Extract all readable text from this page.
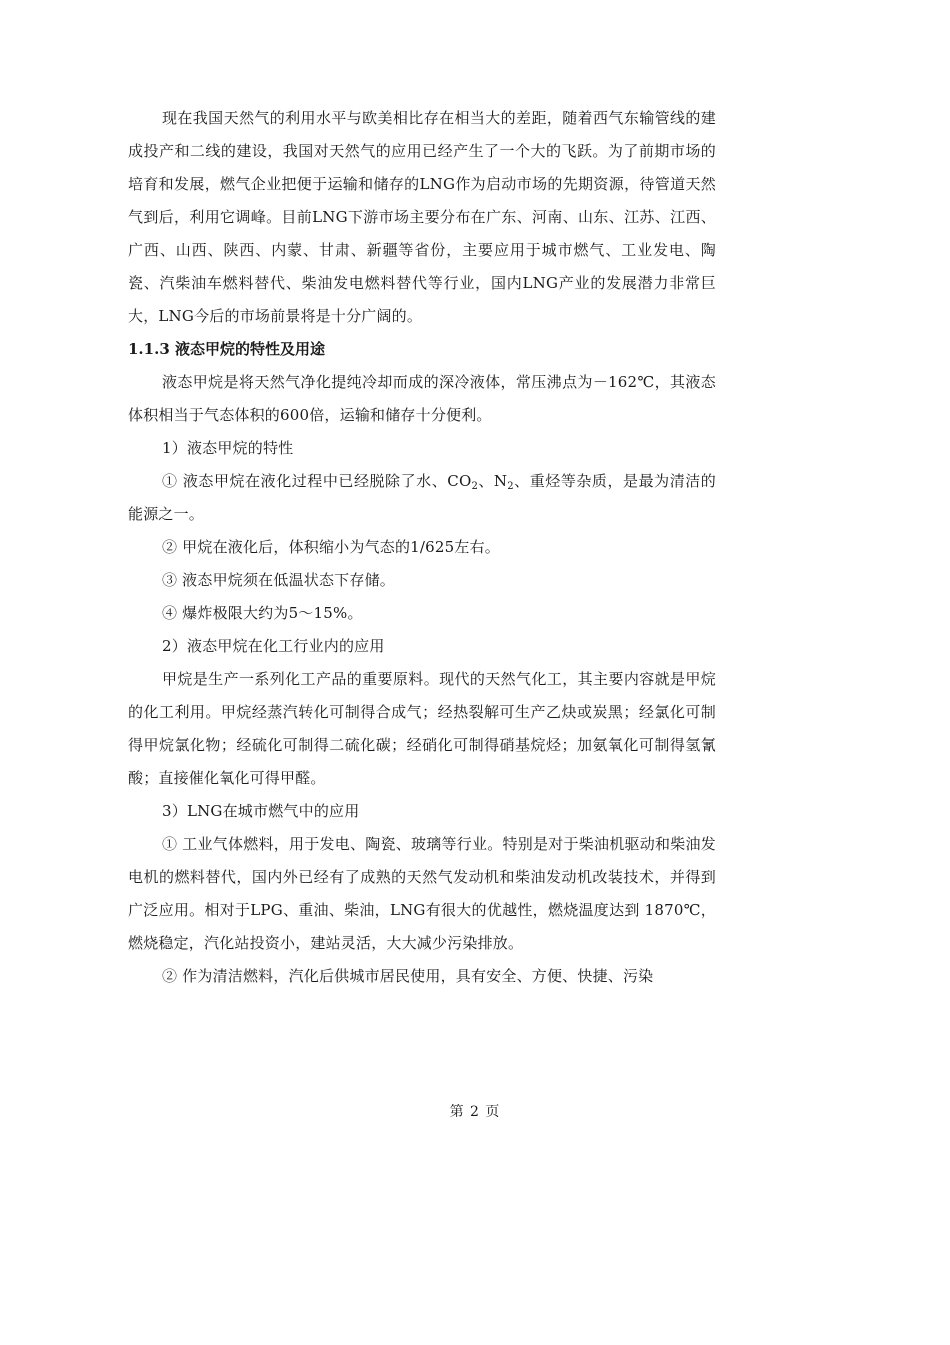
现在我国天然气的利用水平与欧美相比存在相当大的差距，随着西气东输管线的建成投产和二线的建设，我国对天然气的应用已经产生了一个大的飞跃。为了前期市场的培育和发展，燃气企业把便于运输和储存的LNG作为启动市场的先期资源，待管道天然气到后，利用它调峰。目前LNG下游市场主要分布在广东、河南、山东、江苏、江西、广西、山西、陕西、内蒙、甘肃、新疆等省份，主要应用于城市燃气、工业发电、陶瓷、汽柴油车燃料替代、柴油发电燃料替代等行业，国内LNG产业的发展潜力非常巨大，LNG今后的市场前景将是十分广阔的。

1.1.3 液态甲烷的特性及用途

液态甲烷是将天然气净化提纯冷却而成的深冷液体，常压沸点为－162℃，其液态体积相当于气态体积的600倍，运输和储存十分便利。

1）液态甲烷的特性

① 液态甲烷在液化过程中已经脱除了水、$CO_2$、$N_2$、重烃等杂质，是最为清洁的能源之一。

② 甲烷在液化后，体积缩小为气态的1/625左右。

③ 液态甲烷须在低温状态下存储。

④ 爆炸极限大约为5～15%。

2）液态甲烷在化工行业内的应用

甲烷是生产一系列化工产品的重要原料。现代的天然气化工，其主要内容就是甲烷的化工利用。甲烷经蒸汽转化可制得合成气；经热裂解可生产乙炔或炭黑；经氯化可制得甲烷氯化物；经硫化可制得二硫化碳；经硝化可制得硝基烷烃；加氨氧化可制得氢氰酸；直接催化氧化可得甲醛。

3）LNG在城市燃气中的应用

① 工业气体燃料，用于发电、陶瓷、玻璃等行业。特别是对于柴油机驱动和柴油发电机的燃料替代，国内外已经有了成熟的天然气发动机和柴油发动机改装技术，并得到广泛应用。相对于LPG、重油、柴油，LNG有很大的优越性，燃烧温度达到 1870℃，燃烧稳定，汽化站投资小，建站灵活，大大减少污染排放。

② 作为清洁燃料，汽化后供城市居民使用，具有安全、方便、快捷、污染

第 2 页
